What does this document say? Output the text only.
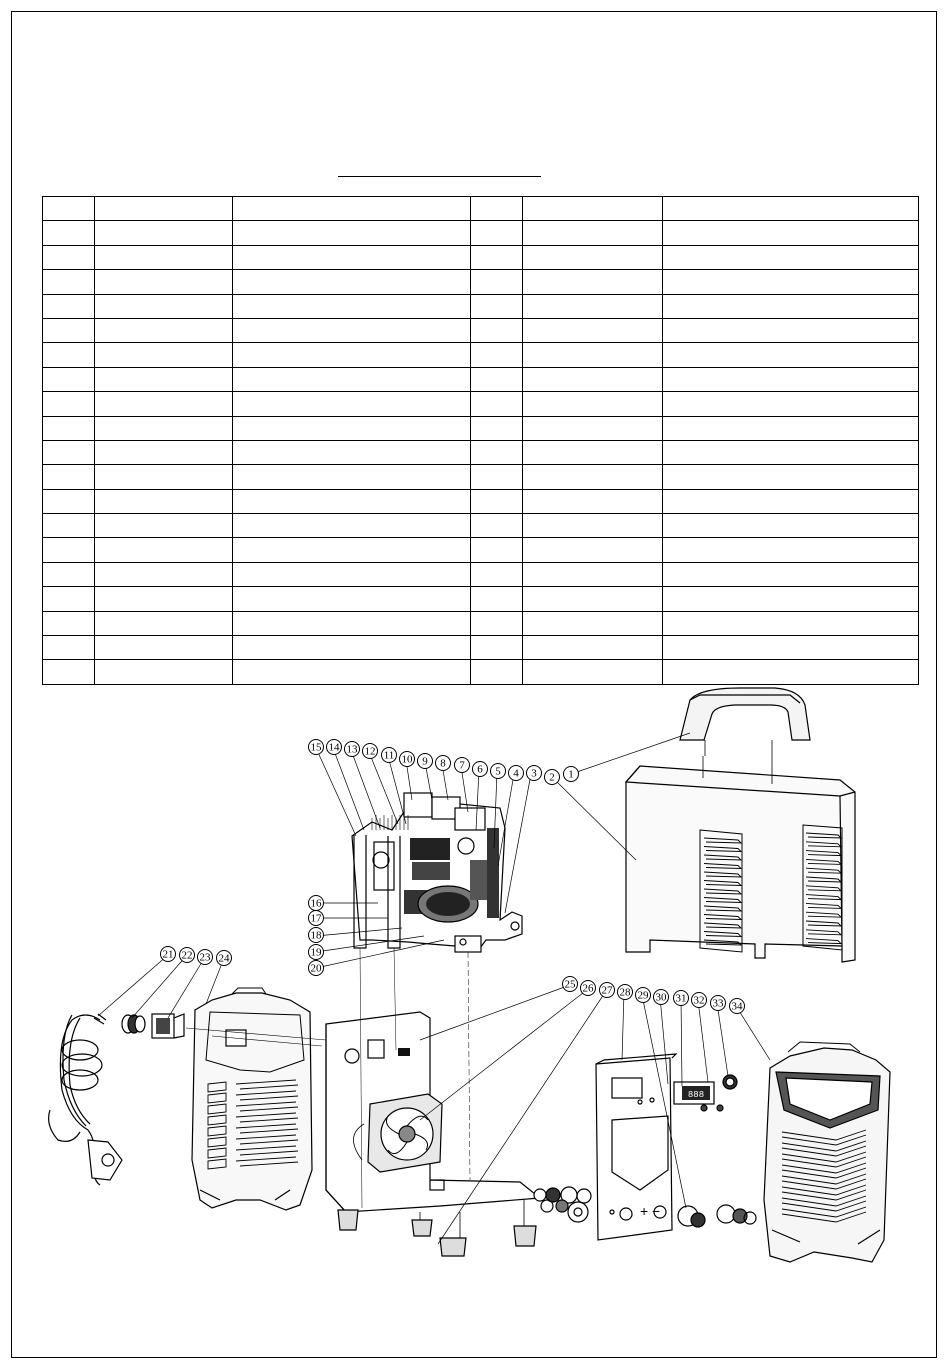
+ −
888
1
2
3
4
5
6
7
8
9
10
11
12
13
14
15
16
17
18
19
20
21 22 23 24
25 26 27 28 29 30 31 32 33 34
